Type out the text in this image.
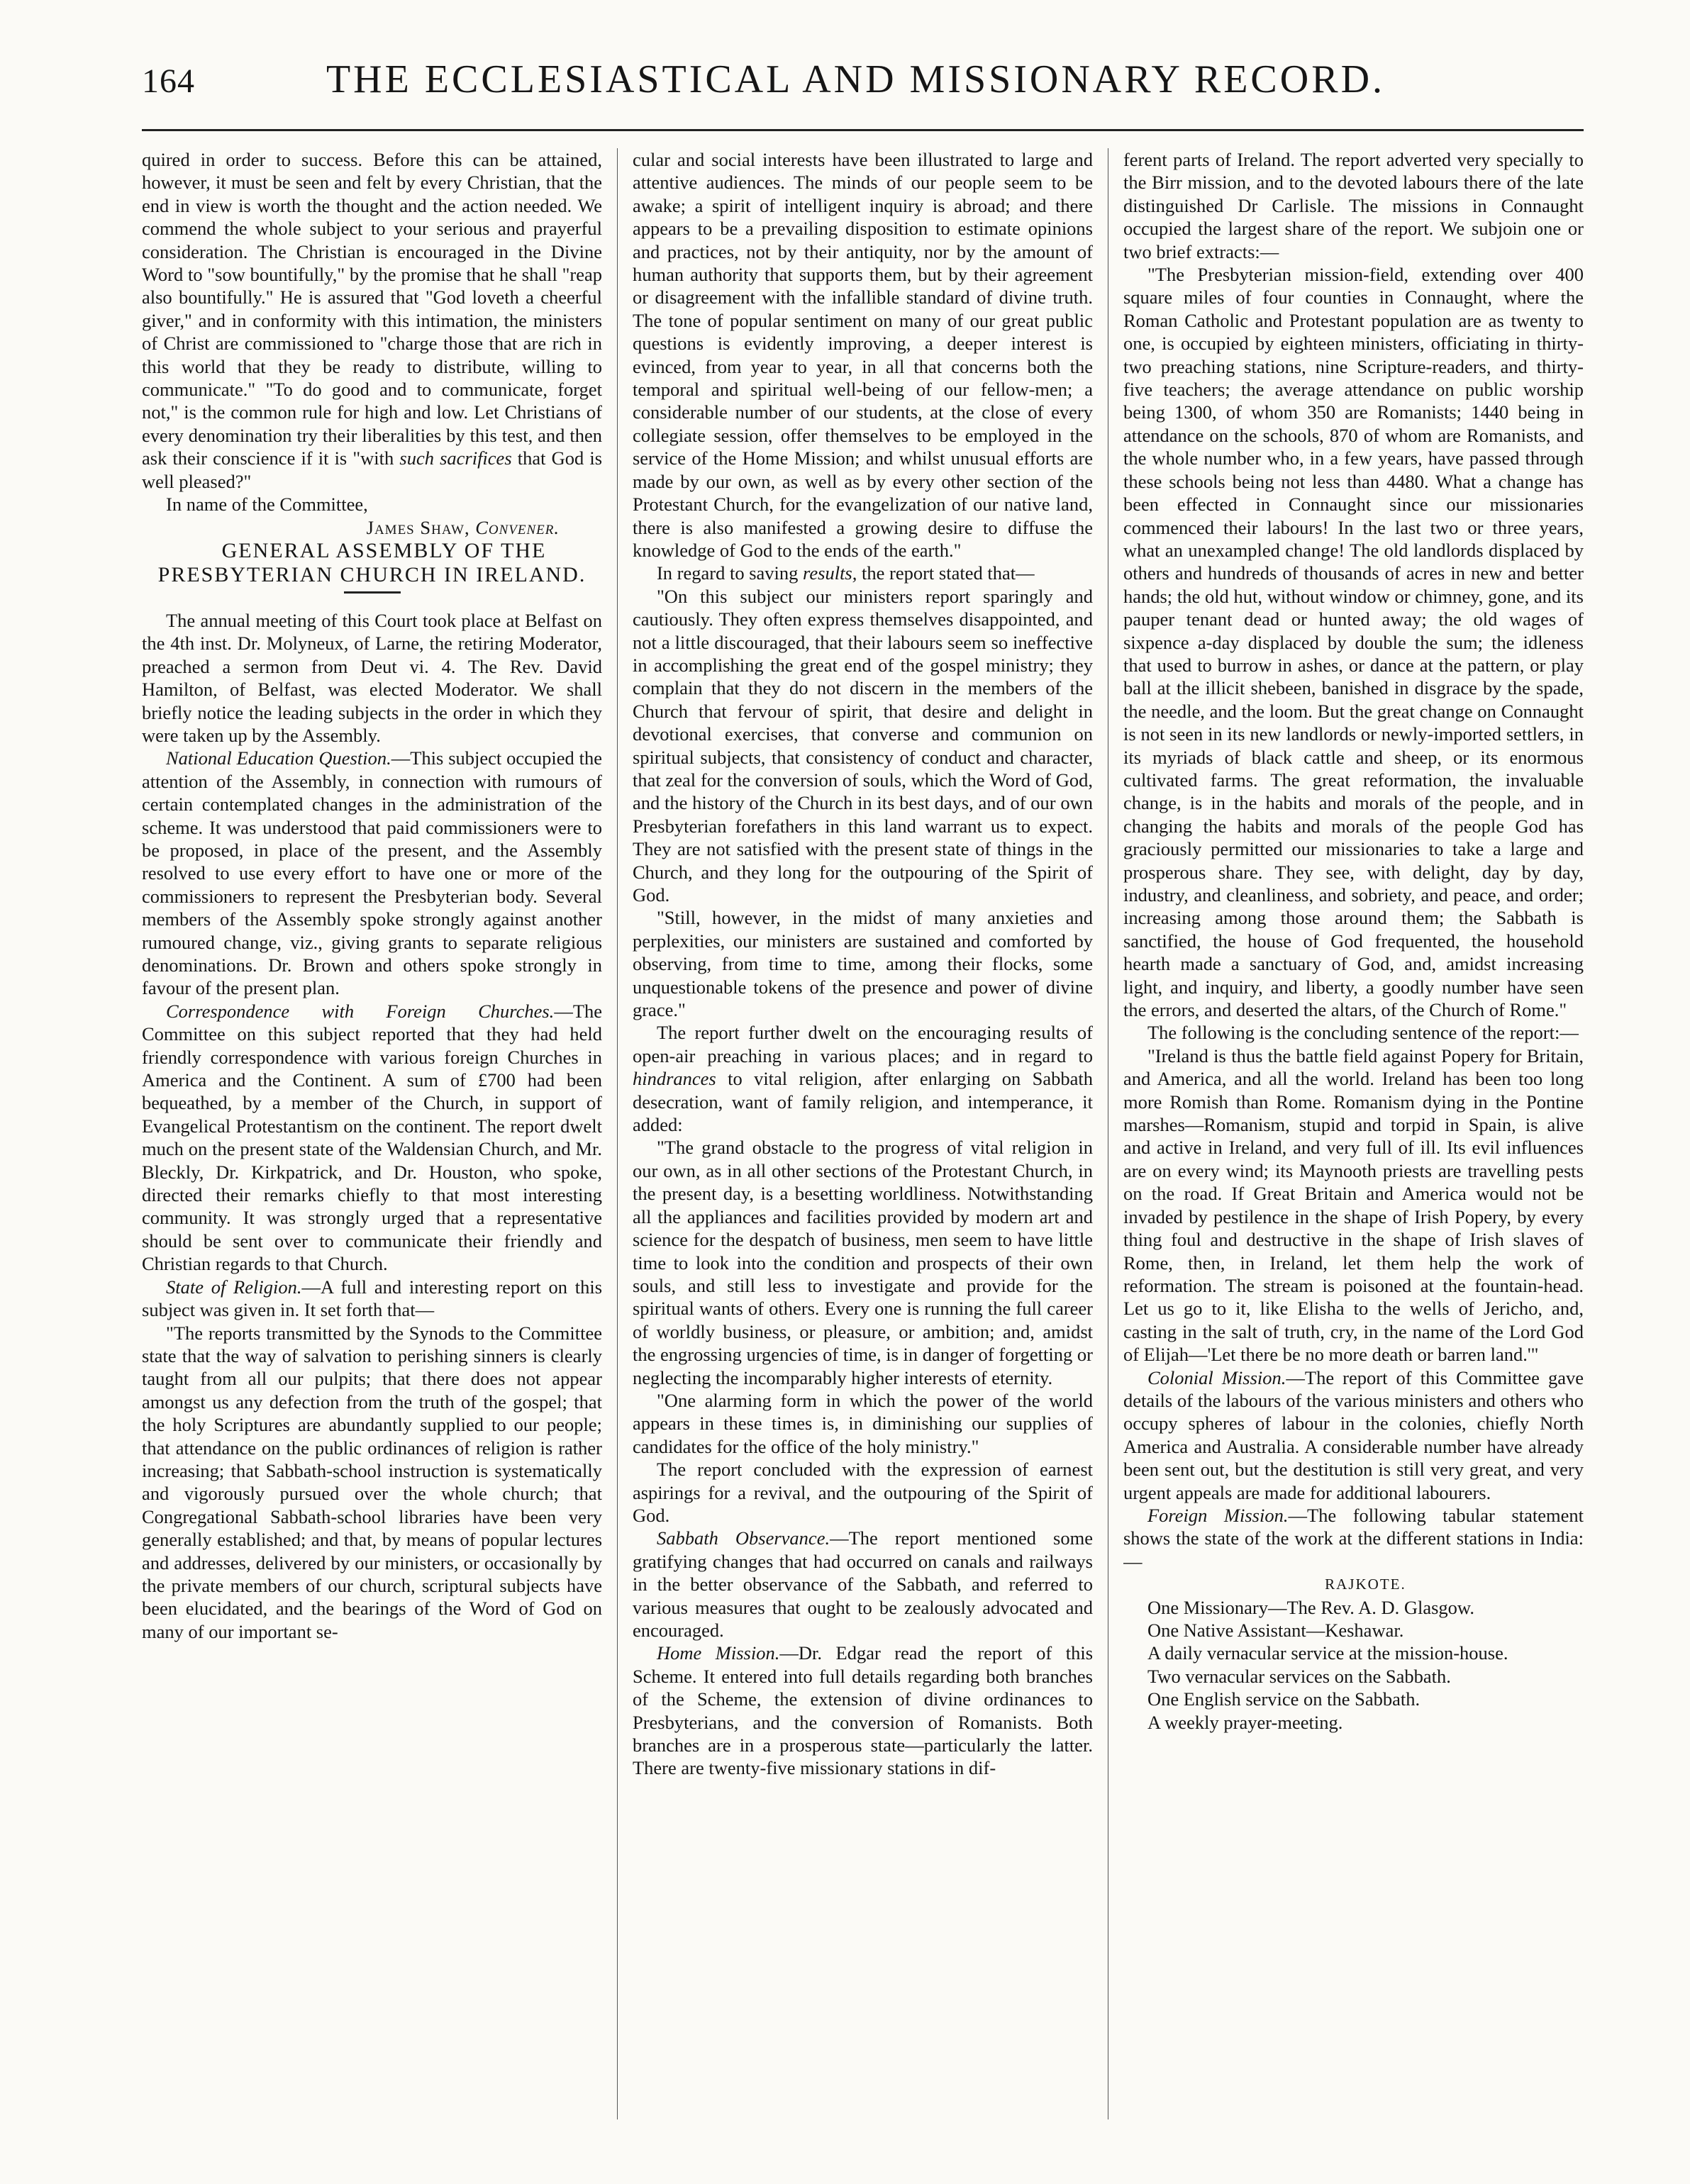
164	THE ECCLESIASTICAL AND MISSIONARY RECORD.

quired in order to success. Before this can be attained, however, it must be seen and felt by every Christian, that the end in view is worth the thought and the action needed. We commend the whole subject to your serious and prayerful consideration. The Christian is encouraged in the Divine Word to "sow bountifully," by the promise that he shall "reap also bountifully." He is assured that "God loveth a cheerful giver," and in conformity with this intimation, the ministers of Christ are commissioned to "charge those that are rich in this world that they be ready to distribute, willing to communicate." "To do good and to communicate, forget not," is the common rule for high and low. Let Christians of every denomination try their liberalities by this test, and then ask their conscience if it is "with such sacrifices that God is well pleased?"

In name of the Committee,

James Shaw, Convener.

GENERAL ASSEMBLY OF THE PRESBYTERIAN CHURCH IN IRELAND.

The annual meeting of this Court took place at Belfast on the 4th inst. Dr. Molyneux, of Larne, the retiring Moderator, preached a sermon from Deut vi. 4. The Rev. David Hamilton, of Belfast, was elected Moderator. We shall briefly notice the leading subjects in the order in which they were taken up by the Assembly.

National Education Question.—This subject occupied the attention of the Assembly, in connection with rumours of certain contemplated changes in the administration of the scheme. It was understood that paid commissioners were to be proposed, in place of the present, and the Assembly resolved to use every effort to have one or more of the commissioners to represent the Presbyterian body. Several members of the Assembly spoke strongly against another rumoured change, viz., giving grants to separate religious denominations. Dr. Brown and others spoke strongly in favour of the present plan.

Correspondence with Foreign Churches.—The Committee on this subject reported that they had held friendly correspondence with various foreign Churches in America and the Continent. A sum of £700 had been bequeathed, by a member of the Church, in support of Evangelical Protestantism on the continent. The report dwelt much on the present state of the Waldensian Church, and Mr. Bleckly, Dr. Kirkpatrick, and Dr. Houston, who spoke, directed their remarks chiefly to that most interesting community. It was strongly urged that a representative should be sent over to communicate their friendly and Christian regards to that Church.

State of Religion.—A full and interesting report on this subject was given in. It set forth that—

"The reports transmitted by the Synods to the Committee state that the way of salvation to perishing sinners is clearly taught from all our pulpits; that there does not appear amongst us any defection from the truth of the gospel; that the holy Scriptures are abundantly supplied to our people; that attendance on the public ordinances of religion is rather increasing; that Sabbath-school instruction is systematically and vigorously pursued over the whole church; that Congregational Sabbath-school libraries have been very generally established; and that, by means of popular lectures and addresses, delivered by our ministers, or occasionally by the private members of our church, scriptural subjects have been elucidated, and the bearings of the Word of God on many of our important se-

cular and social interests have been illustrated to large and attentive audiences. The minds of our people seem to be awake; a spirit of intelligent inquiry is abroad; and there appears to be a prevailing disposition to estimate opinions and practices, not by their antiquity, nor by the amount of human authority that supports them, but by their agreement or disagreement with the infallible standard of divine truth. The tone of popular sentiment on many of our great public questions is evidently improving, a deeper interest is evinced, from year to year, in all that concerns both the temporal and spiritual well-being of our fellow-men; a considerable number of our students, at the close of every collegiate session, offer themselves to be employed in the service of the Home Mission; and whilst unusual efforts are made by our own, as well as by every other section of the Protestant Church, for the evangelization of our native land, there is also manifested a growing desire to diffuse the knowledge of God to the ends of the earth."

In regard to saving results, the report stated that—

"On this subject our ministers report sparingly and cautiously. They often express themselves disappointed, and not a little discouraged, that their labours seem so ineffective in accomplishing the great end of the gospel ministry; they complain that they do not discern in the members of the Church that fervour of spirit, that desire and delight in devotional exercises, that converse and communion on spiritual subjects, that consistency of conduct and character, that zeal for the conversion of souls, which the Word of God, and the history of the Church in its best days, and of our own Presbyterian forefathers in this land warrant us to expect. They are not satisfied with the present state of things in the Church, and they long for the outpouring of the Spirit of God.

"Still, however, in the midst of many anxieties and perplexities, our ministers are sustained and comforted by observing, from time to time, among their flocks, some unquestionable tokens of the presence and power of divine grace."

The report further dwelt on the encouraging results of open-air preaching in various places; and in regard to hindrances to vital religion, after enlarging on Sabbath desecration, want of family religion, and intemperance, it added:

"The grand obstacle to the progress of vital religion in our own, as in all other sections of the Protestant Church, in the present day, is a besetting worldliness. Notwithstanding all the appliances and facilities provided by modern art and science for the despatch of business, men seem to have little time to look into the condition and prospects of their own souls, and still less to investigate and provide for the spiritual wants of others. Every one is running the full career of worldly business, or pleasure, or ambition; and, amidst the engrossing urgencies of time, is in danger of forgetting or neglecting the incomparably higher interests of eternity.

"One alarming form in which the power of the world appears in these times is, in diminishing our supplies of candidates for the office of the holy ministry."

The report concluded with the expression of earnest aspirings for a revival, and the outpouring of the Spirit of God.

Sabbath Observance.—The report mentioned some gratifying changes that had occurred on canals and railways in the better observance of the Sabbath, and referred to various measures that ought to be zealously advocated and encouraged.

Home Mission.—Dr. Edgar read the report of this Scheme. It entered into full details regarding both branches of the Scheme, the extension of divine ordinances to Presbyterians, and the conversion of Romanists. Both branches are in a prosperous state—particularly the latter. There are twenty-five missionary stations in dif-

ferent parts of Ireland. The report adverted very specially to the Birr mission, and to the devoted labours there of the late distinguished Dr Carlisle. The missions in Connaught occupied the largest share of the report. We subjoin one or two brief extracts:—

"The Presbyterian mission-field, extending over 400 square miles of four counties in Connaught, where the Roman Catholic and Protestant population are as twenty to one, is occupied by eighteen ministers, officiating in thirty-two preaching stations, nine Scripture-readers, and thirty-five teachers; the average attendance on public worship being 1300, of whom 350 are Romanists; 1440 being in attendance on the schools, 870 of whom are Romanists, and the whole number who, in a few years, have passed through these schools being not less than 4480. What a change has been effected in Connaught since our missionaries commenced their labours! In the last two or three years, what an unexampled change! The old landlords displaced by others and hundreds of thousands of acres in new and better hands; the old hut, without window or chimney, gone, and its pauper tenant dead or hunted away; the old wages of sixpence a-day displaced by double the sum; the idleness that used to burrow in ashes, or dance at the pattern, or play ball at the illicit shebeen, banished in disgrace by the spade, the needle, and the loom. But the great change on Connaught is not seen in its new landlords or newly-imported settlers, in its myriads of black cattle and sheep, or its enormous cultivated farms. The great reformation, the invaluable change, is in the habits and morals of the people, and in changing the habits and morals of the people God has graciously permitted our missionaries to take a large and prosperous share. They see, with delight, day by day, industry, and cleanliness, and sobriety, and peace, and order; increasing among those around them; the Sabbath is sanctified, the house of God frequented, the household hearth made a sanctuary of God, and, amidst increasing light, and inquiry, and liberty, a goodly number have seen the errors, and deserted the altars, of the Church of Rome."

The following is the concluding sentence of the report:—

"Ireland is thus the battle field against Popery for Britain, and America, and all the world. Ireland has been too long more Romish than Rome. Romanism dying in the Pontine marshes—Romanism, stupid and torpid in Spain, is alive and active in Ireland, and very full of ill. Its evil influences are on every wind; its Maynooth priests are travelling pests on the road. If Great Britain and America would not be invaded by pestilence in the shape of Irish Popery, by every thing foul and destructive in the shape of Irish slaves of Rome, then, in Ireland, let them help the work of reformation. The stream is poisoned at the fountain-head. Let us go to it, like Elisha to the wells of Jericho, and, casting in the salt of truth, cry, in the name of the Lord God of Elijah—'Let there be no more death or barren land.'"

Colonial Mission.—The report of this Committee gave details of the labours of the various ministers and others who occupy spheres of labour in the colonies, chiefly North America and Australia. A considerable number have already been sent out, but the destitution is still very great, and very urgent appeals are made for additional labourers.

Foreign Mission.—The following tabular statement shows the state of the work at the different stations in India:—

RAJKOTE.

One Missionary—The Rev. A. D. Glasgow.

One Native Assistant—Keshawar.

A daily vernacular service at the mission-house.

Two vernacular services on the Sabbath.

One English service on the Sabbath.

A weekly prayer-meeting.
